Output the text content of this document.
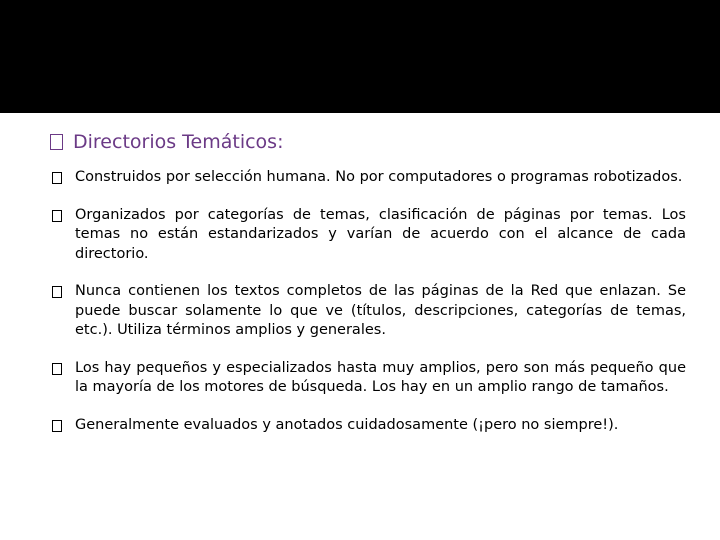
Directorios Temáticos:
Construidos por selección humana. No por computadores o programas robotizados.
Organizados por categorías de temas, clasificación de páginas por temas. Los temas no están estandarizados y varían de acuerdo con el alcance de cada directorio.
Nunca contienen los textos completos de las páginas de la Red que enlazan. Se puede buscar solamente lo que ve (títulos, descripciones, categorías de temas, etc.). Utiliza términos amplios y generales.
Los hay pequeños y especializados hasta muy amplios, pero son más pequeño que la mayoría de los motores de búsqueda. Los hay en un amplio rango de tamaños.
Generalmente evaluados y anotados cuidadosamente (¡pero no siempre!).
